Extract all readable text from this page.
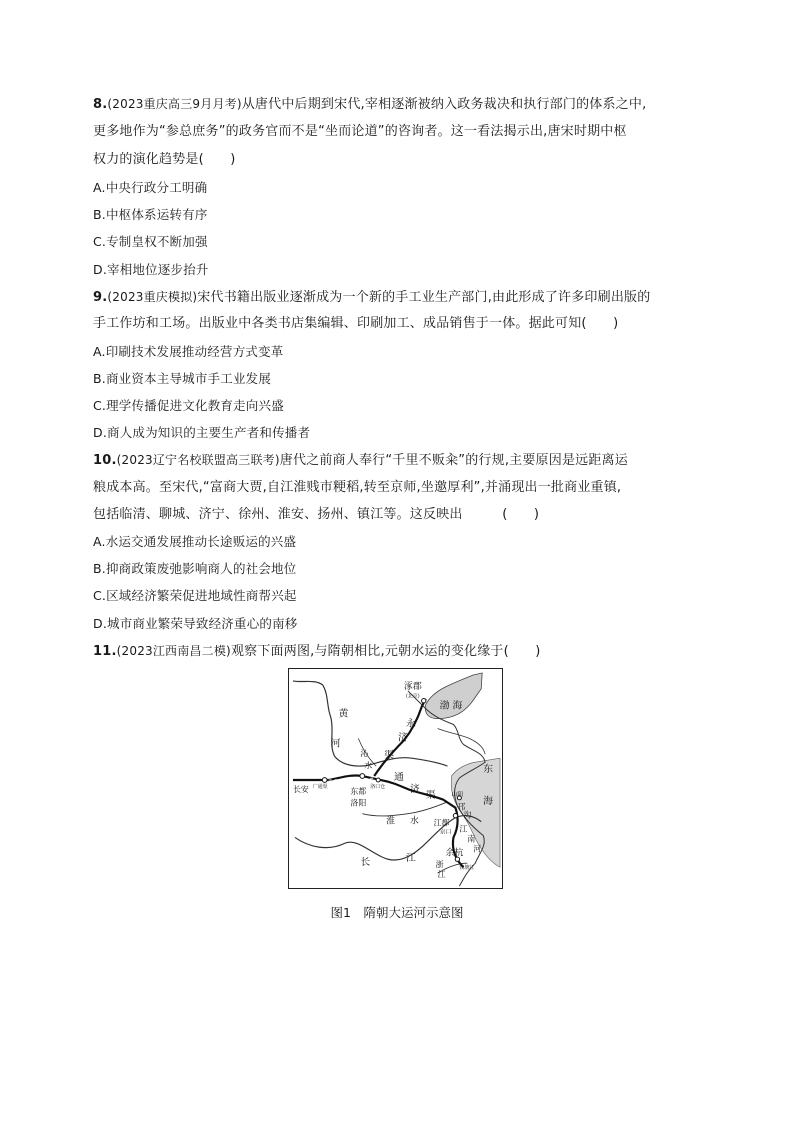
8.(2023重庆高三9月月考)从唐代中后期到宋代,宰相逐渐被纳入政务裁决和执行部门的体系之中,
更多地作为“参总庶务”的政务官而不是“坐而论道”的咨询者。这一看法揭示出,唐宋时期中枢
权力的演化趋势是(　　)
A.中央行政分工明确
B.中枢体系运转有序
C.专制皇权不断加强
D.宰相地位逐步抬升
9.(2023重庆模拟)宋代书籍出版业逐渐成为一个新的手工业生产部门,由此形成了许多印刷出版的
手工作坊和工场。出版业中各类书店集编辑、印刷加工、成品销售于一体。据此可知(　　)
A.印刷技术发展推动经营方式变革
B.商业资本主导城市手工业发展
C.理学传播促进文化教育走向兴盛
D.商人成为知识的主要生产者和传播者
10.(2023辽宁名校联盟高三联考)唐代之前商人奉行“千里不贩籴”的行规,主要原因是远距离运
粮成本高。至宋代,“富商大贾,自江淮贱市粳稻,转至京师,坐邀厚利”,并涌现出一批商业重镇,
包括临清、聊城、济宁、徐州、淮安、扬州、镇江等。这反映出　　　(　　)
A.水运交通发展推动长途贩运的兴盛
B.抑商政策废弛影响商人的社会地位
C.区域经济繁荣促进地域性商帮兴起
D.城市商业繁荣导致经济重心的南移
11.(2023江西南昌二模)观察下面两图,与隋朝相比,元朝水运的变化缘于(　　)
涿郡
(北京)
渤 海
黄
河
永
济
渠
沁
水	东
海
长安 广通渠	洛口仓
东都
洛阳
通
济
渠	山阳
邗
沟
淮 水 江都
京口 江
南
河
长	江	余杭
浙
江
钱塘江
图1　隋朝大运河示意图
